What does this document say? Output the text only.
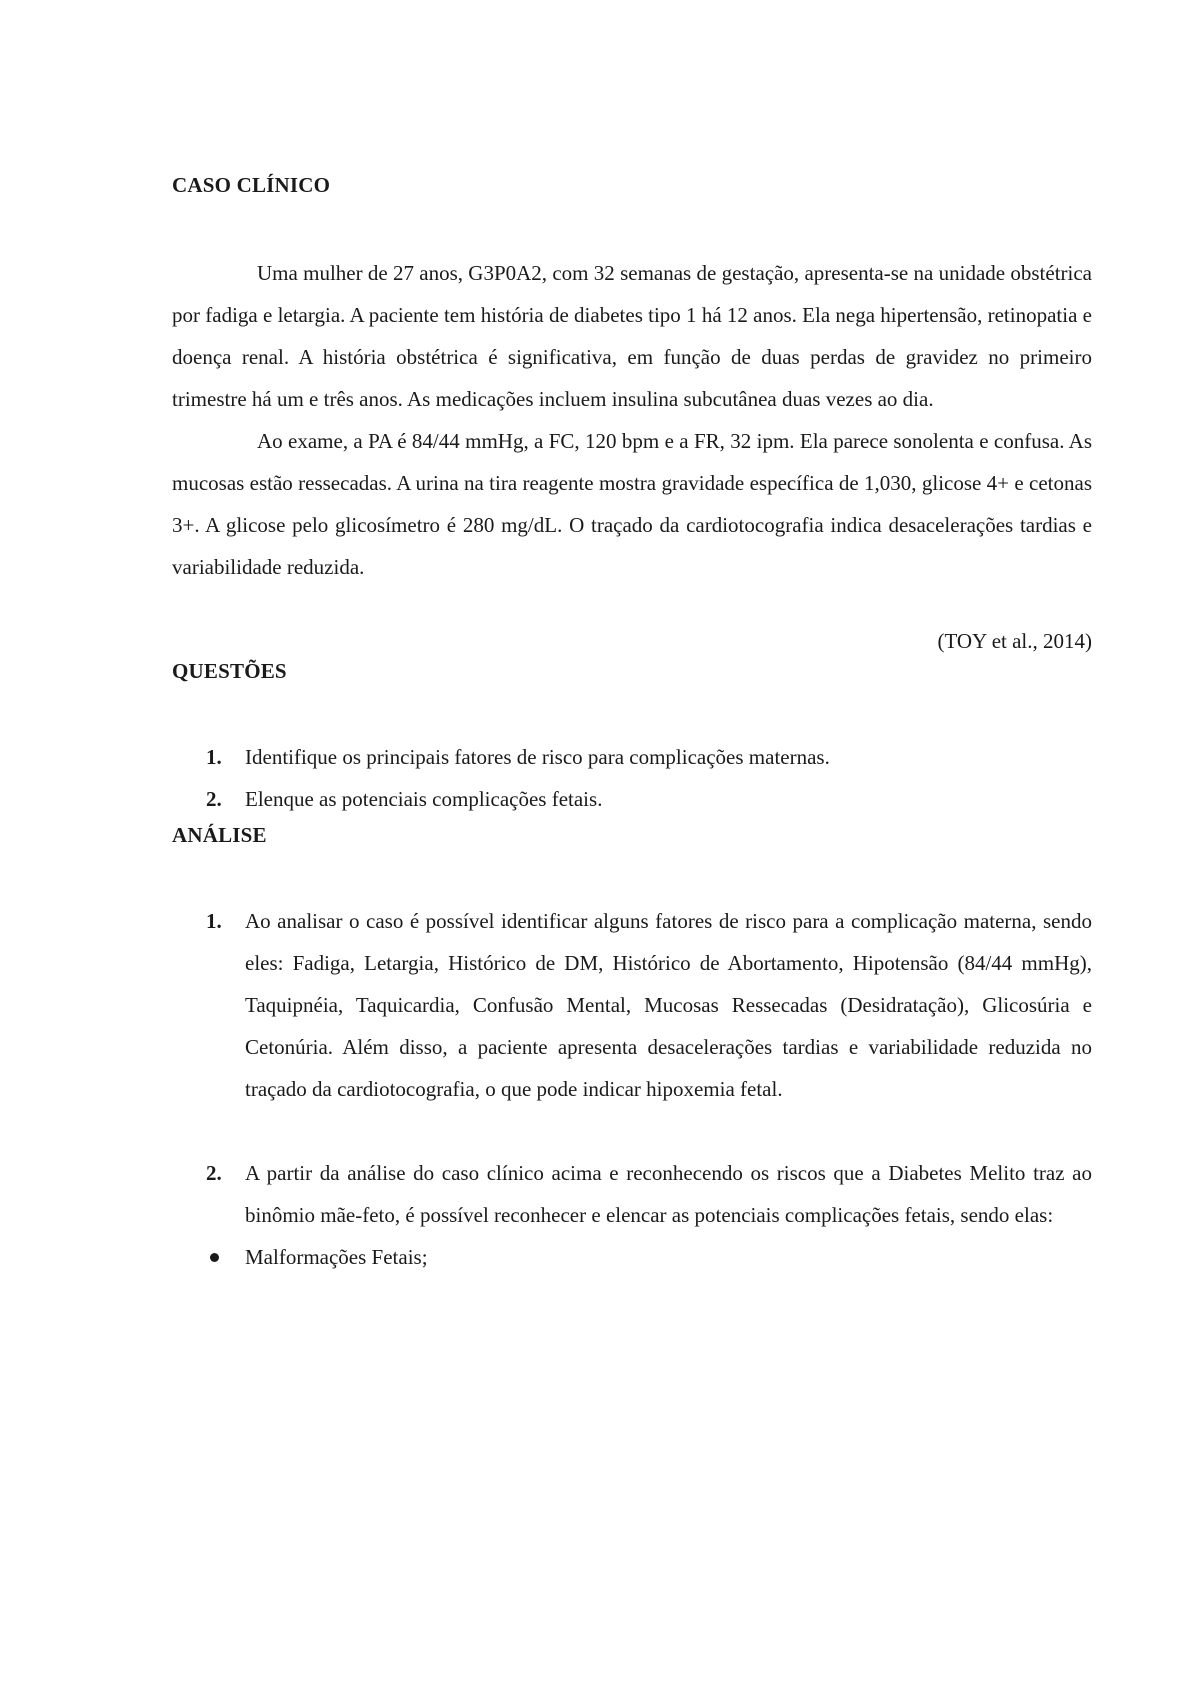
CASO CLÍNICO

Uma mulher de 27 anos, G3P0A2, com 32 semanas de gestação, apresenta-se na unidade obstétrica por fadiga e letargia. A paciente tem história de diabetes tipo 1 há 12 anos. Ela nega hipertensão, retinopatia e doença renal. A história obstétrica é significativa, em função de duas perdas de gravidez no primeiro trimestre há um e três anos. As medicações incluem insulina subcutânea duas vezes ao dia.

Ao exame, a PA é 84/44 mmHg, a FC, 120 bpm e a FR, 32 ipm. Ela parece sonolenta e confusa. As mucosas estão ressecadas. A urina na tira reagente mostra gravidade específica de 1,030, glicose 4+ e cetonas 3+. A glicose pelo glicosímetro é 280 mg/dL. O traçado da cardiotocografia indica desacelerações tardias e variabilidade reduzida.

(TOY et al., 2014)

QUESTÕES
1. Identifique os principais fatores de risco para complicações maternas.
2. Elenque as potenciais complicações fetais.
ANÁLISE
1. Ao analisar o caso é possível identificar alguns fatores de risco para a complicação materna, sendo eles: Fadiga, Letargia, Histórico de DM, Histórico de Abortamento, Hipotensão (84/44 mmHg), Taquipnéia, Taquicardia, Confusão Mental, Mucosas Ressecadas (Desidratação), Glicosúria e Cetonúria. Além disso, a paciente apresenta desacelerações tardias e variabilidade reduzida no traçado da cardiotocografia, o que pode indicar hipoxemia fetal.
2. A partir da análise do caso clínico acima e reconhecendo os riscos que a Diabetes Melito traz ao binômio mãe-feto, é possível reconhecer e elencar as potenciais complicações fetais, sendo elas:
Malformações Fetais;
